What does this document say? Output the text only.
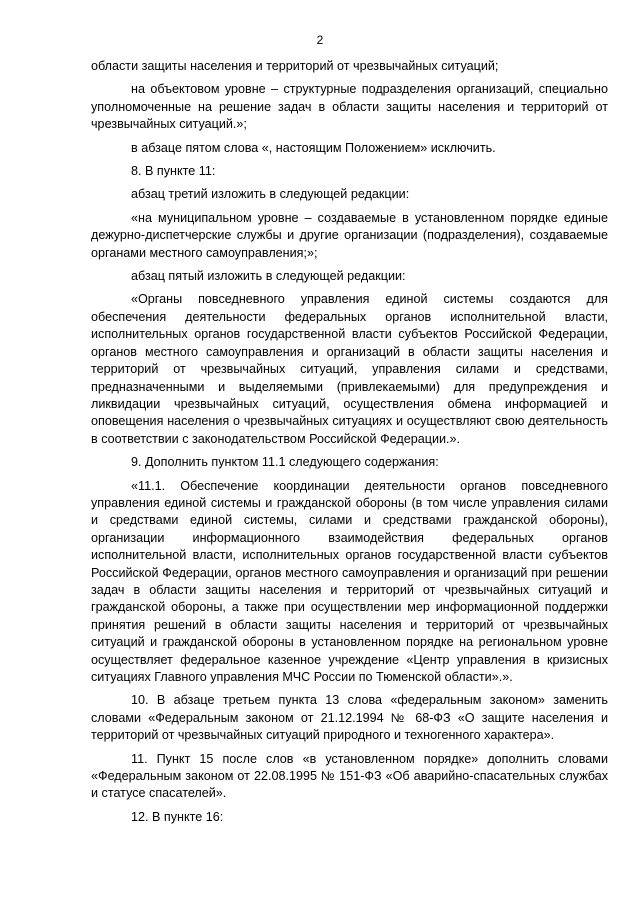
2

области защиты населения и территорий от чрезвычайных ситуаций;

на объектовом уровне – структурные подразделения организаций, специально уполномоченные на решение задач в области защиты населения и территорий от чрезвычайных ситуаций.»;

в абзаце пятом слова «, настоящим Положением» исключить.

8. В пункте 11:

абзац третий изложить в следующей редакции:

«на муниципальном уровне – создаваемые в установленном порядке единые дежурно-диспетчерские службы и другие организации (подразделения), создаваемые органами местного самоуправления;»;

абзац пятый изложить в следующей редакции:

«Органы повседневного управления единой системы создаются для обеспечения деятельности федеральных органов исполнительной власти, исполнительных органов государственной власти субъектов Российской Федерации, органов местного самоуправления и организаций в области защиты населения и территорий от чрезвычайных ситуаций, управления силами и средствами, предназначенными и выделяемыми (привлекаемыми) для предупреждения и ликвидации чрезвычайных ситуаций, осуществления обмена информацией и оповещения населения о чрезвычайных ситуациях и осуществляют свою деятельность в соответствии с законодательством Российской Федерации.».

9. Дополнить пунктом 11.1 следующего содержания:

«11.1. Обеспечение координации деятельности органов повседневного управления единой системы и гражданской обороны (в том числе управления силами и средствами единой системы, силами и средствами гражданской обороны), организации информационного взаимодействия федеральных органов исполнительной власти, исполнительных органов государственной власти субъектов Российской Федерации, органов местного самоуправления и организаций при решении задач в области защиты населения и территорий от чрезвычайных ситуаций и гражданской обороны, а также при осуществлении мер информационной поддержки принятия решений в области защиты населения и территорий от чрезвычайных ситуаций и гражданской обороны в установленном порядке на региональном уровне осуществляет федеральное казенное учреждение «Центр управления в кризисных ситуациях Главного управления МЧС России по Тюменской области».».

10. В абзаце третьем пункта 13 слова «федеральным законом» заменить словами «Федеральным законом от 21.12.1994 № 68-ФЗ «О защите населения и территорий от чрезвычайных ситуаций природного и техногенного характера».

11. Пункт 15 после слов «в установленном порядке» дополнить словами «Федеральным законом от 22.08.1995 № 151-ФЗ «Об аварийно-спасательных службах и статусе спасателей».

12. В пункте 16:
